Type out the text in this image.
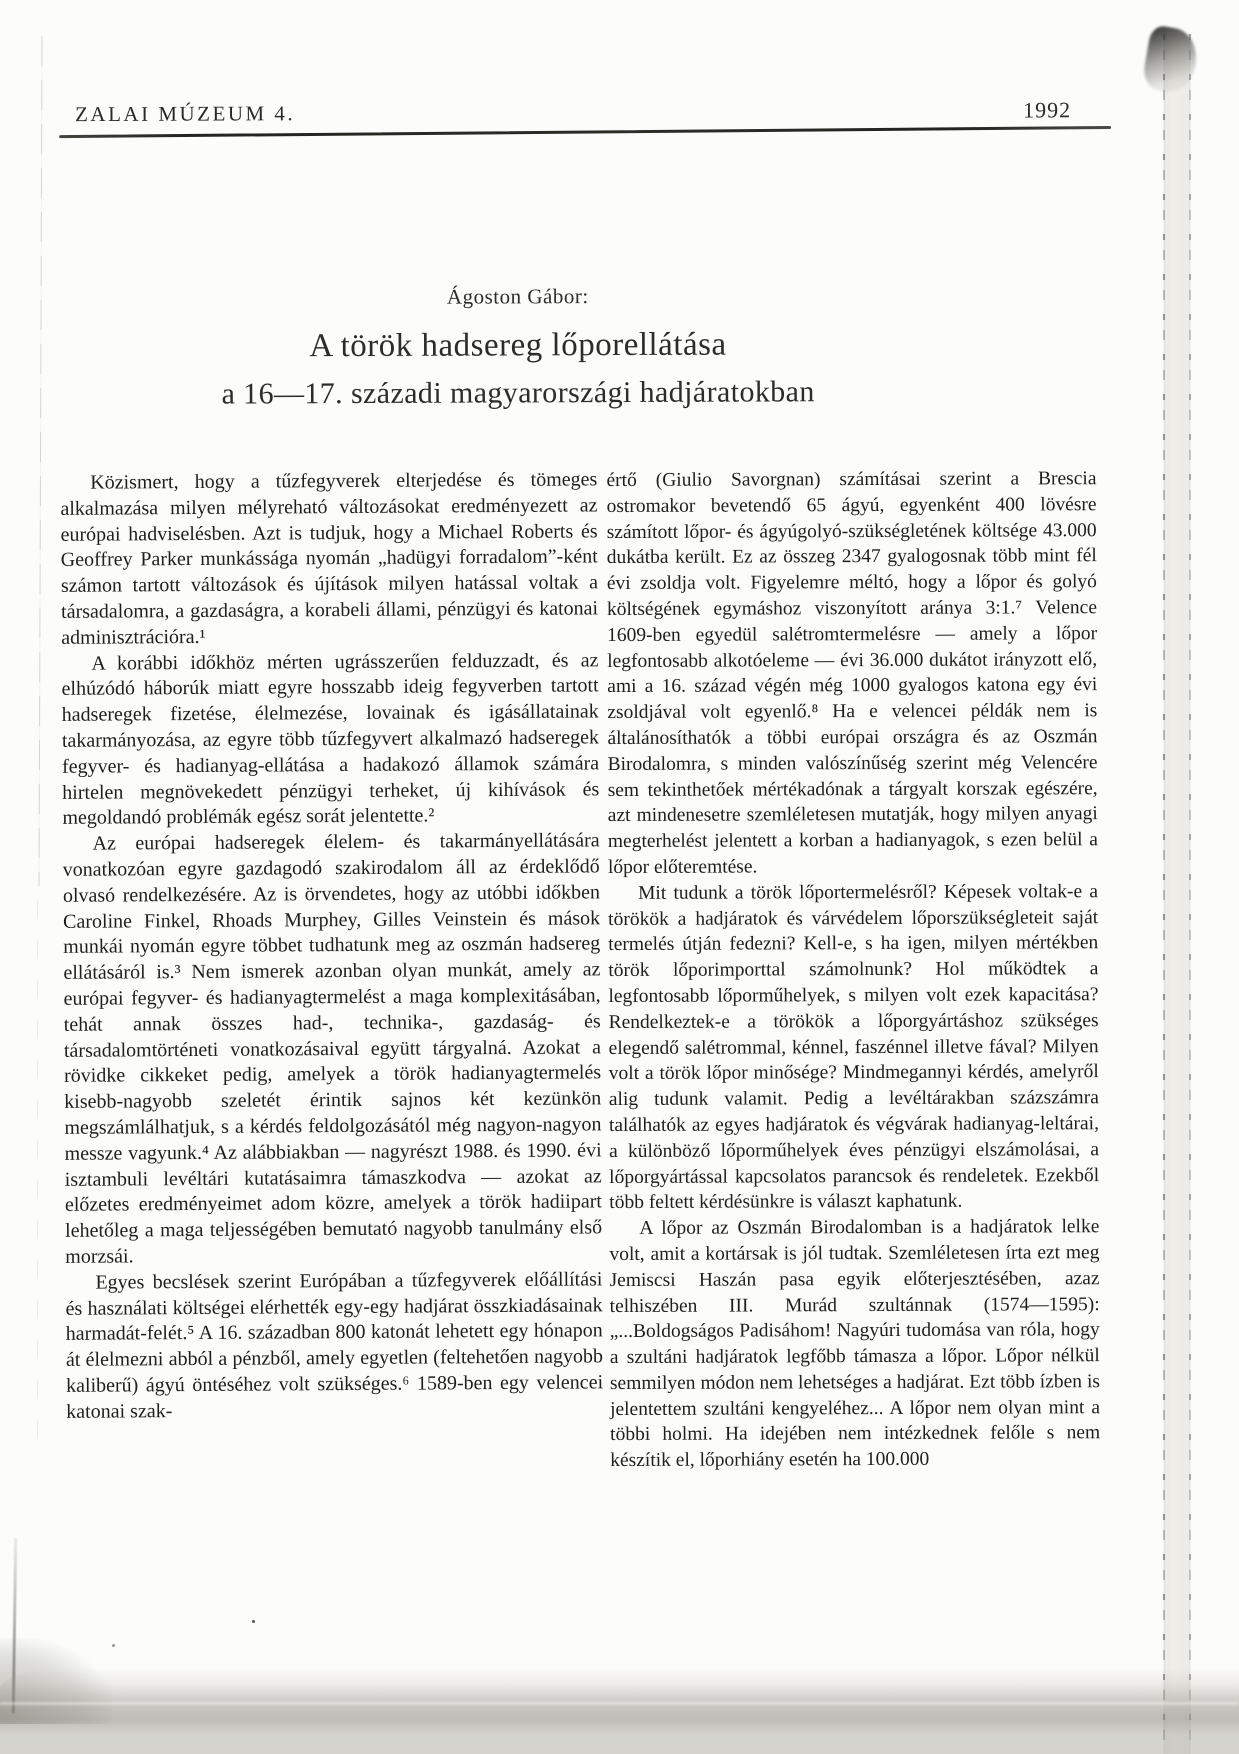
ZALAI MÚZEUM 4.	1992

Ágoston Gábor:

A török hadsereg lőporellátása
a 16—17. századi magyarországi hadjáratokban

Közismert, hogy a tűzfegyverek elterjedése és tömeges alkalmazása milyen mélyreható változásokat eredményezett az európai hadviselésben. Azt is tudjuk, hogy a Michael Roberts és Geoffrey Parker munkássága nyomán „hadügyi forradalom”-ként számon tartott változások és újítások milyen hatással voltak a társadalomra, a gazdaságra, a korabeli állami, pénzügyi és katonai adminisztrációra.¹

A korábbi időkhöz mérten ugrásszerűen felduzzadt, és az elhúzódó háborúk miatt egyre hosszabb ideig fegyverben tartott hadseregek fizetése, élelmezése, lovainak és igásállatainak takarmányozása, az egyre több tűzfegyvert alkalmazó hadseregek fegyver- és hadianyag-ellátása a hadakozó államok számára hirtelen megnövekedett pénzügyi terheket, új kihívások és megoldandó problémák egész sorát jelentette.²

Az európai hadseregek élelem- és takarmányellátására vonatkozóan egyre gazdagodó szakirodalom áll az érdeklődő olvasó rendelkezésére. Az is örvendetes, hogy az utóbbi időkben Caroline Finkel, Rhoads Murphey, Gilles Veinstein és mások munkái nyomán egyre többet tudhatunk meg az oszmán hadsereg ellátásáról is.³ Nem ismerek azonban olyan munkát, amely az európai fegyver- és hadianyagtermelést a maga komplexitásában, tehát annak összes had-, technika-, gazdaság- és társadalomtörténeti vonatkozásaival együtt tárgyalná. Azokat a rövidke cikkeket pedig, amelyek a török hadianyagtermelés kisebb-nagyobb szeletét érintik sajnos két kezünkön megszámlálhatjuk, s a kérdés feldolgozásától még nagyon-nagyon messze vagyunk.⁴ Az alábbiakban — nagyrészt 1988. és 1990. évi isztambuli levéltári kutatásaimra támaszkodva — azokat az előzetes eredményeimet adom közre, amelyek a török hadiipart lehetőleg a maga teljességében bemutató nagyobb tanulmány első morzsái.

Egyes becslések szerint Európában a tűzfegyverek előállítási és használati költségei elérhették egy-egy hadjárat összkiadásainak harmadát-felét.⁵ A 16. században 800 katonát lehetett egy hónapon át élelmezni abból a pénzből, amely egyetlen (feltehetően nagyobb kaliberű) ágyú öntéséhez volt szükséges.⁶ 1589-ben egy velencei katonai szak-

értő (Giulio Savorgnan) számításai szerint a Brescia ostromakor bevetendő 65 ágyú, egyenként 400 lövésre számított lőpor- és ágyúgolyó-szükségletének költsége 43.000 dukátba került. Ez az összeg 2347 gyalogosnak több mint fél évi zsoldja volt. Figyelemre méltó, hogy a lőpor és golyó költségének egymáshoz viszonyított aránya 3:1.⁷ Velence 1609-ben egyedül salétromtermelésre — amely a lőpor legfontosabb alkotóeleme — évi 36.000 dukátot irányzott elő, ami a 16. század végén még 1000 gyalogos katona egy évi zsoldjával volt egyenlő.⁸ Ha e velencei példák nem is általánosíthatók a többi európai országra és az Oszmán Birodalomra, s minden valószínűség szerint még Velencére sem tekinthetőek mértékadónak a tárgyalt korszak egészére, azt mindenesetre szemléletesen mutatják, hogy milyen anyagi megterhelést jelentett a korban a hadianyagok, s ezen belül a lőpor előteremtése.

Mit tudunk a török lőportermelésről? Képesek voltak-e a törökök a hadjáratok és várvédelem lőporszükségleteit saját termelés útján fedezni? Kell-e, s ha igen, milyen mértékben török lőporimporttal számolnunk? Hol működtek a legfontosabb lőporműhelyek, s milyen volt ezek kapacitása? Rendelkeztek-e a törökök a lőporgyártáshoz szükséges elegendő salétrommal, kénnel, faszénnel illetve fával? Milyen volt a török lőpor minősége? Mindmegannyi kérdés, amelyről alig tudunk valamit. Pedig a levéltárakban százszámra találhatók az egyes hadjáratok és végvárak hadianyag-leltárai, a különböző lőporműhelyek éves pénzügyi elszámolásai, a lőporgyártással kapcsolatos parancsok és rendeletek. Ezekből több feltett kérdésünkre is választ kaphatunk.

A lőpor az Oszmán Birodalomban is a hadjáratok lelke volt, amit a kortársak is jól tudtak. Szemléletesen írta ezt meg Jemiscsi Haszán pasa egyik előterjesztésében, azaz telhiszében III. Murád szultánnak (1574—1595): „...Boldogságos Padisáhom! Nagyúri tudomása van róla, hogy a szultáni hadjáratok legfőbb támasza a lőpor. Lőpor nélkül semmilyen módon nem lehetséges a hadjárat. Ezt több ízben is jelentettem szultáni kengyeléhez... A lőpor nem olyan mint a többi holmi. Ha idejében nem intézkednek felőle s nem készítik el, lőporhiány esetén ha 100.000
